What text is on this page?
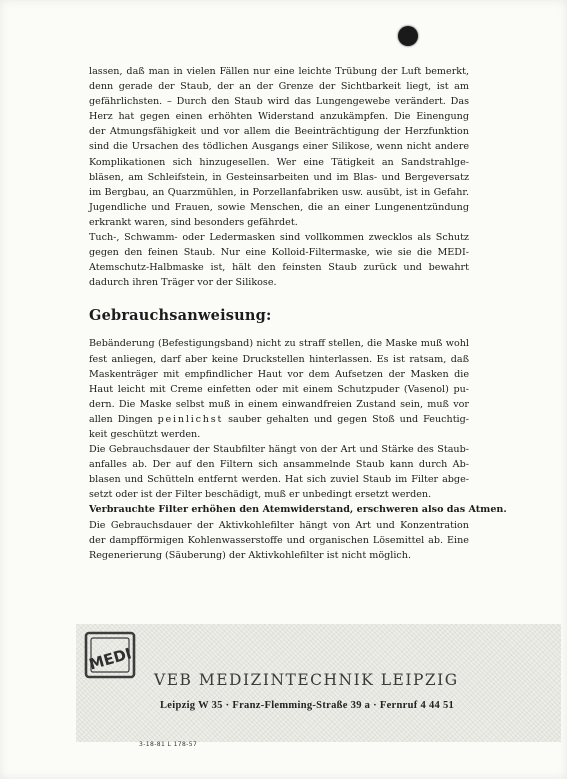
lassen, daß man in vielen Fällen nur eine leichte Trübung der Luft bemerkt,
denn gerade der Staub, der an der Grenze der Sichtbarkeit liegt, ist am
gefährlichsten. – Durch den Staub wird das Lungengewebe verändert. Das
Herz hat gegen einen erhöhten Widerstand anzukämpfen. Die Einengung
der Atmungsfähigkeit und vor allem die Beeinträchtigung der Herzfunktion
sind die Ursachen des tödlichen Ausgangs einer Silikose, wenn nicht andere
Komplikationen sich hinzugesellen. Wer eine Tätigkeit an Sandstrahlge-
bläsen, am Schleifstein, in Gesteinsarbeiten und im Blas- und Bergeversatz
im Bergbau, an Quarzmühlen, in Porzellanfabriken usw. ausübt, ist in Gefahr.
Jugendliche und Frauen, sowie Menschen, die an einer Lungenentzündung
erkrankt waren, sind besonders gefährdet.

Tuch-, Schwamm- oder Ledermasken sind vollkommen zwecklos als Schutz
gegen den feinen Staub. Nur eine Kolloid-Filtermaske, wie sie die MEDI-
Atemschutz-Halbmaske ist, hält den feinsten Staub zurück und bewahrt
dadurch ihren Träger vor der Silikose.

Gebrauchsanweisung:

Bebänderung (Befestigungsband) nicht zu straff stellen, die Maske muß wohl
fest anliegen, darf aber keine Druckstellen hinterlassen. Es ist ratsam, daß
Maskenträger mit empfindlicher Haut vor dem Aufsetzen der Masken die
Haut leicht mit Creme einfetten oder mit einem Schutzpuder (Vasenol) pu-
dern. Die Maske selbst muß in einem einwandfreien Zustand sein, muß vor
allen Dingen peinlichst sauber gehalten und gegen Stoß und Feuchtig-
keit geschützt werden.

Die Gebrauchsdauer der Staubfilter hängt von der Art und Stärke des Staub-
anfalles ab. Der auf den Filtern sich ansammelnde Staub kann durch Ab-
blasen und Schütteln entfernt werden. Hat sich zuviel Staub im Filter abge-
setzt oder ist der Filter beschädigt, muß er unbedingt ersetzt werden.

Verbrauchte Filter erhöhen den Atemwiderstand, erschweren also das Atmen.

Die Gebrauchsdauer der Aktivkohlefilter hängt von Art und Konzentration
der dampfförmigen Kohlenwasserstoffe und organischen Lösemittel ab. Eine
Regenerierung (Säuberung) der Aktivkohlefilter ist nicht möglich.

MEDI
VEB MEDIZINTECHNIK LEIPZIG
Leipzig W 35 · Franz-Flemming-Straße 39 a · Fernruf 4 44 51
3-18-81 L 178-57
